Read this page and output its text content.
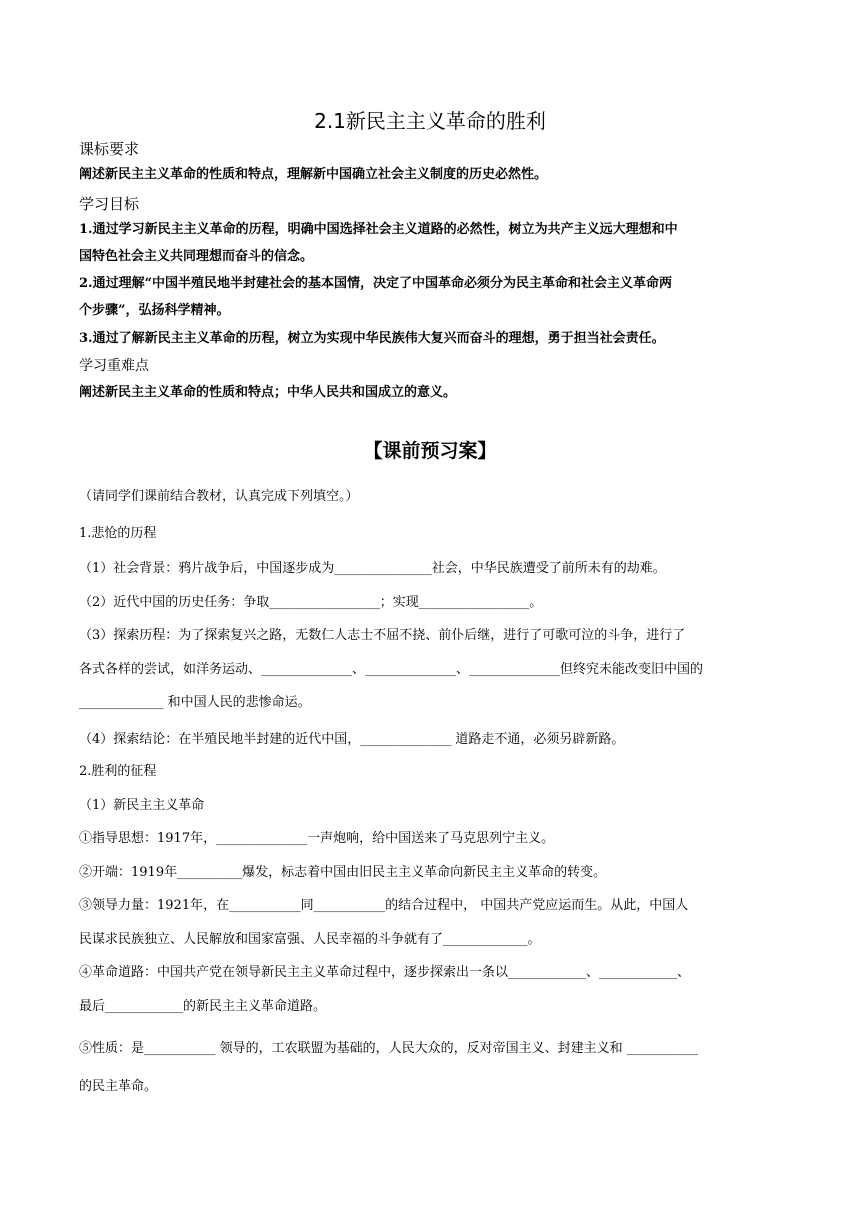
2.1新民主主义革命的胜利
课标要求
阐述新民主主义革命的性质和特点，理解新中国确立社会主义制度的历史必然性。
学习目标
1.通过学习新民主主义革命的历程，明确中国选择社会主义道路的必然性，树立为共产主义远大理想和中
国特色社会主义共同理想而奋斗的信念。
2.通过理解“中国半殖民地半封建社会的基本国情，决定了中国革命必须分为民主革命和社会主义革命两
个步骤”，弘扬科学精神。
3.通过了解新民主主义革命的历程，树立为实现中华民族伟大复兴而奋斗的理想，勇于担当社会责任。
学习重难点
阐述新民主主义革命的性质和特点；中华人民共和国成立的意义。
【课前预习案】
（请同学们课前结合教材，认真完成下列填空。）
1.悲怆的历程
（1）社会背景：鸦片战争后，中国逐步成为_______________社会，中华民族遭受了前所未有的劫难。
（2）近代中国的历史任务：争取_________________；实现_________________。
（3）探索历程：为了探索复兴之路，无数仁人志士不屈不挠、前仆后继，进行了可歌可泣的斗争，进行了
各式各样的尝试，如洋务运动、______________、______________、______________但终究未能改变旧中国的
_____________ 和中国人民的悲惨命运。
（4）探索结论：在半殖民地半封建的近代中国，______________ 道路走不通，必须另辟新路。
2.胜利的征程
（1）新民主主义革命
①指导思想：1917年，______________一声炮响，给中国送来了马克思列宁主义。
②开端：1919年__________爆发，标志着中国由旧民主主义革命向新民主主义革命的转变。
③领导力量：1921年，在___________同___________的结合过程中， 中国共产党应运而生。从此，中国人
民谋求民族独立、人民解放和国家富强、人民幸福的斗争就有了_____________。
④革命道路：中国共产党在领导新民主主义革命过程中，逐步探索出一条以____________、____________、
最后____________的新民主主义革命道路。
⑤性质：是___________ 领导的，工农联盟为基础的，人民大众的，反对帝国主义、封建主义和 ___________
的民主革命。
